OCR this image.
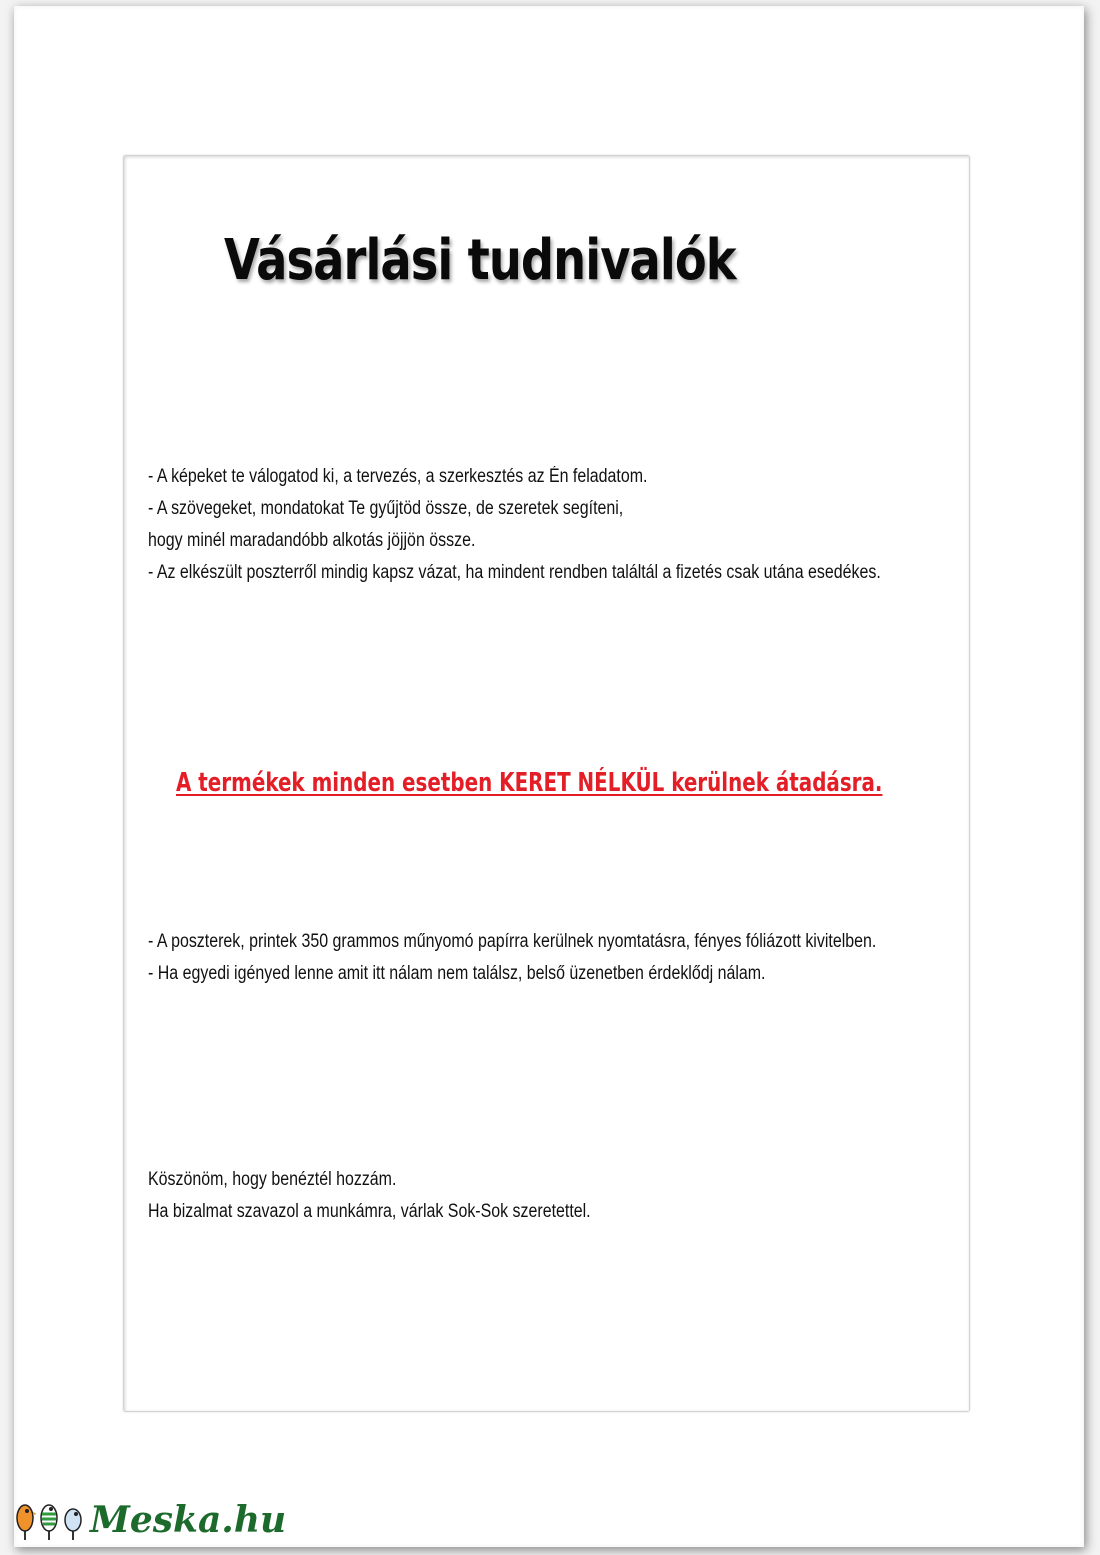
Vásárlási tudnivalók
- A képeket te válogatod ki, a tervezés, a szerkesztés az Én feladatom.
- A szövegeket, mondatokat Te gyűjtöd össze, de szeretek segíteni,
hogy minél maradandóbb alkotás jöjjön össze.
- Az elkészült poszterről mindig kapsz vázat, ha mindent rendben találtál a fizetés csak utána esedékes.

A termékek minden esetben KERET NÉLKÜL kerülnek átadásra.

- A poszterek, printek 350 grammos műnyomó papírra kerülnek nyomtatásra, fényes fóliázott kivitelben.
- Ha egyedi igényed lenne amit itt nálam nem találsz, belső üzenetben érdeklődj nálam.
Köszönöm, hogy benéztél hozzám.
Ha bizalmat szavazol a munkámra, várlak Sok-Sok szeretettel.
Meska.hu
